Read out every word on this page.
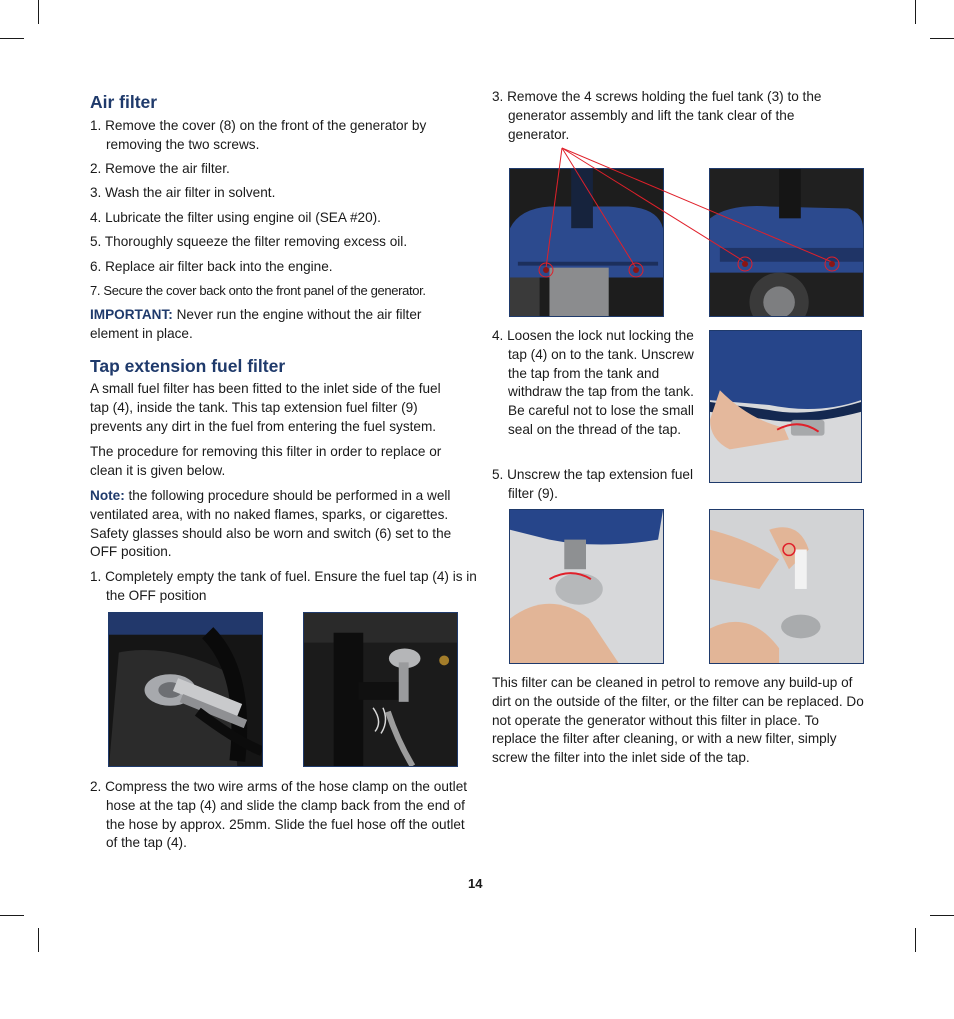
Air filter

1. Remove the cover (8) on the front of the generator by removing the two screws.

2. Remove the air filter.

3. Wash the air filter in solvent.

4. Lubricate the filter using engine oil (SEA #20).

5. Thoroughly squeeze the filter removing excess oil.

6. Replace air filter back into the engine.

7. Secure the cover back onto the front panel of the generator.

IMPORTANT: Never run the engine without the air filter element in place.

Tap extension fuel filter

A small fuel filter has been fitted to the inlet side of the fuel tap (4), inside the tank. This tap extension fuel filter (9) prevents any dirt in the fuel from entering the fuel system.

The procedure for removing this filter in order to replace or clean it is given below.

Note: the following procedure should be performed in a well ventilated area, with no naked flames, sparks, or cigarettes. Safety glasses should also be worn and switch (6) set to the OFF position.

1. Completely empty the tank of fuel. Ensure the fuel tap (4) is in the OFF position

2. Compress the two wire arms of the hose clamp on the outlet hose at the tap (4) and slide the clamp back from the end of the hose by approx. 25mm. Slide the fuel hose off the outlet of the tap (4).

3. Remove the 4 screws holding the fuel tank (3) to the generator assembly and lift the tank clear of the generator.

4. Loosen the lock nut locking the tap (4) on to the tank. Unscrew the tap from the tank and withdraw the tap from the tank. Be careful not to lose the small seal on the thread of the tap.

5. Unscrew the tap extension fuel filter (9).

This filter can be cleaned in petrol to remove any build-up of dirt on the outside of the filter, or the filter can be replaced. Do not operate the generator without this filter in place. To replace the filter after cleaning, or with a new filter, simply screw the filter into the inlet side of the tap.

14
